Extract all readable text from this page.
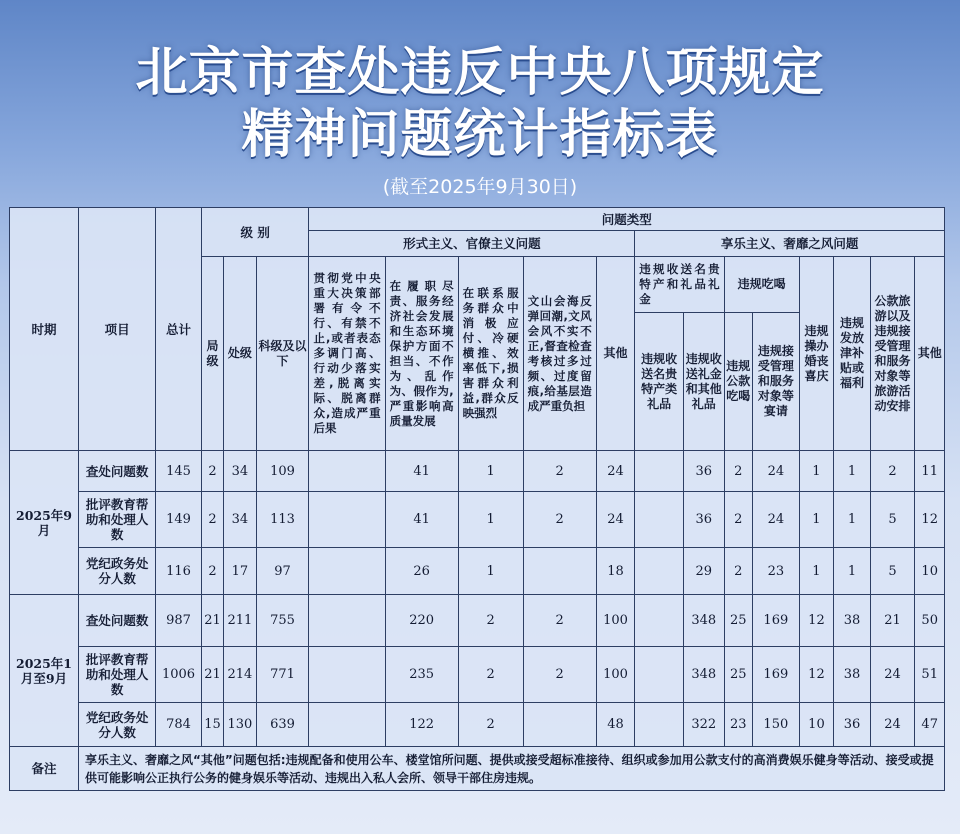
北京市查处违反中央八项规定
精神问题统计指标表
(截至2025年9月30日)
时期	项目	总计	级 别			问题类型												
						形式主义、官僚主义问题					享乐主义、奢靡之风问题							
			局级	处级	科级及以下	贯彻党中央重大决策部署有令不行、有禁不止,或者表态多调门高、行动少落实差,脱离实际、脱离群众,造成严重后果	在履职尽责、服务经济社会发展和生态环境保护方面不担当、不作为、乱作为、假作为,严重影响高质量发展	在联系服务群众中消极应付、冷硬横推、效率低下,损害群众利益,群众反映强烈	文山会海反弹回潮,文风会风不实不正,督查检查考核过多过频、过度留痕,给基层造成严重负担	其他	违规收送名贵特产和礼品礼金		违规吃喝		违规操办婚丧喜庆	违规发放津补贴或福利	公款旅游以及违规接受管理和服务对象等旅游活动安排	其他
											违规收送名贵特产类礼品	违规收送礼金和其他礼品	违规公款吃喝	违规接受管理和服务对象等宴请				
2025年9月	查处问题数	145	2	34	109		41	1	2	24		36	2	24	1	1	2	11
	批评教育帮助和处理人数	149	2	34	113		41	1	2	24		36	2	24	1	1	5	12
	党纪政务处分人数	116	2	17	97		26	1		18		29	2	23	1	1	5	10
2025年1月至9月	查处问题数	987	21	211	755		220	2	2	100		348	25	169	12	38	21	50
	批评教育帮助和处理人数	1006	21	214	771		235	2	2	100		348	25	169	12	38	24	51
	党纪政务处分人数	784	15	130	639		122	2		48		322	23	150	10	36	24	47
备注	享乐主义、奢靡之风“其他”问题包括:违规配备和使用公车、楼堂馆所问题、提供或接受超标准接待、组织或参加用公款支付的高消费娱乐健身等活动、接受或提供可能影响公正执行公务的健身娱乐等活动、违规出入私人会所、领导干部住房违规。																	
